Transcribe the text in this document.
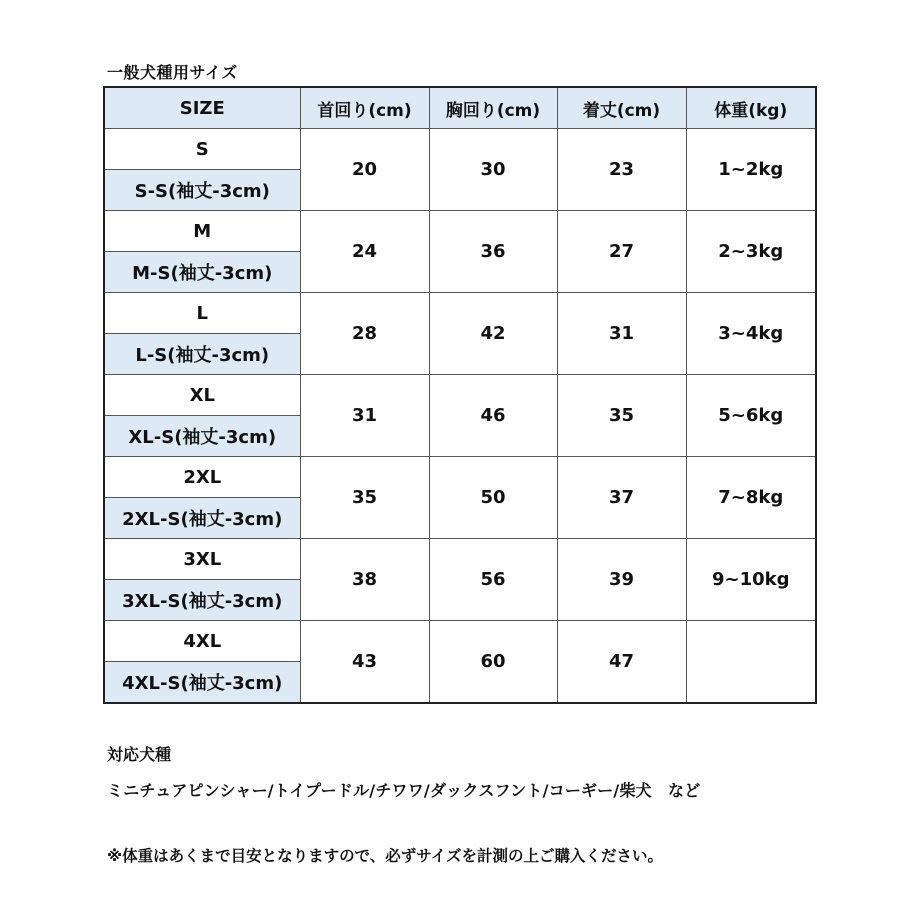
一般犬種用サイズ
SIZE	首回り(cm)	胸回り(cm)	着丈(cm)	体重(kg)
S	20	30	23	1~2kg
S-S(袖丈-3cm)				
M	24	36	27	2~3kg
M-S(袖丈-3cm)				
L	28	42	31	3~4kg
L-S(袖丈-3cm)				
XL	31	46	35	5~6kg
XL-S(袖丈-3cm)				
2XL	35	50	37	7~8kg
2XL-S(袖丈-3cm)				
3XL	38	56	39	9~10kg
3XL-S(袖丈-3cm)				
4XL	43	60	47	
4XL-S(袖丈-3cm)				
対応犬種
ミニチュアピンシャー/トイプードル/チワワ/ダックスフント/コーギー/柴犬　など
※体重はあくまで目安となりますので、必ずサイズを計測の上ご購入ください。
